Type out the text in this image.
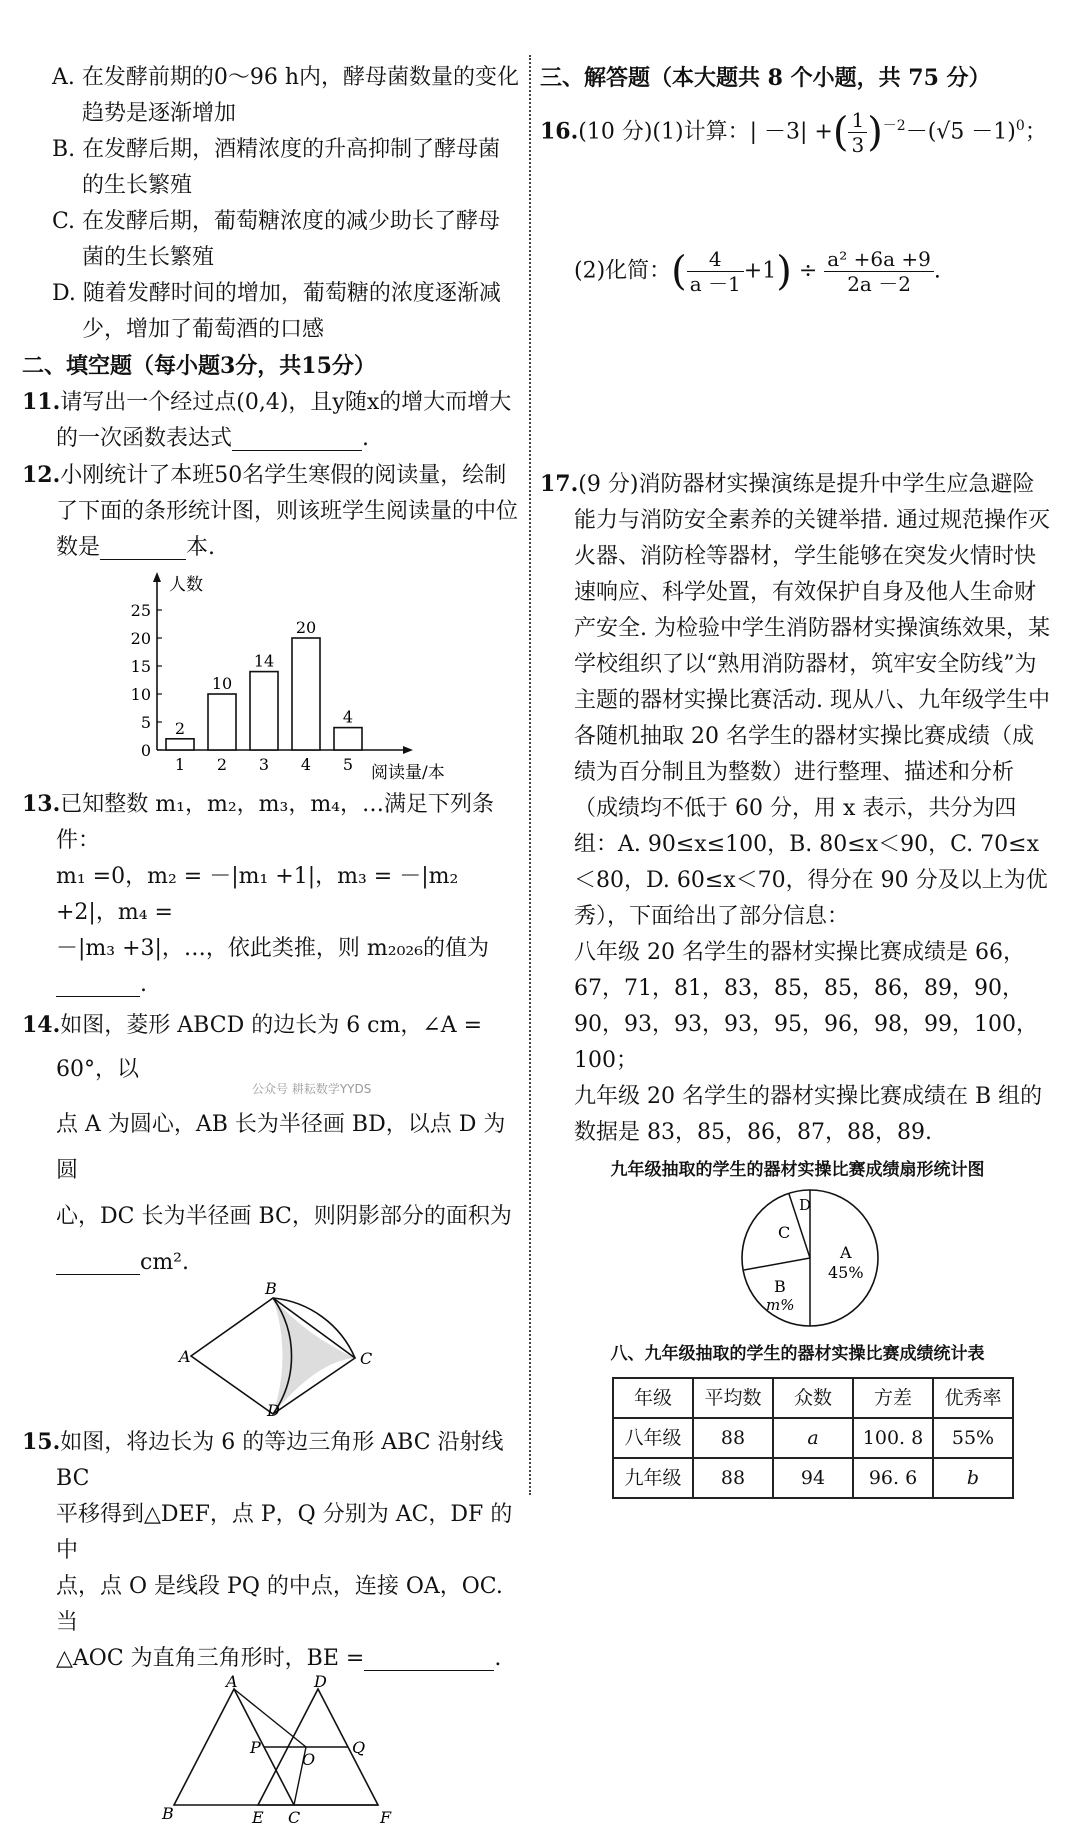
A. 在发酵前期的0～96 h内，酵母菌数量的变化趋势是逐渐增加

B. 在发酵后期，酒精浓度的升高抑制了酵母菌的生长繁殖

C. 在发酵后期，葡萄糖浓度的减少助长了酵母菌的生长繁殖

D. 随着发酵时间的增加，葡萄糖的浓度逐渐减少，增加了葡萄酒的口感

二、填空题（每小题3分，共15分）

11.请写出一个经过点(0,4)，且y随x的增大而增大的一次函数表达式	.

12.小刚统计了本班50名学生寒假的阅读量，绘制了下面的条形统计图，则该班学生阅读量的中位数是	本.

人数
阅读量/本
0
5
10
15
20
25
2
1
10
2
14
3
20
4
4
5

13.已知整数 m₁，m₂，m₃，m₄，…满足下列条件：
m₁ =0，m₂ = －|m₁ +1|，m₃ = －|m₂ +2|，m₄ =
－|m₃ +3|，…，依此类推，则 m₂₀₂₆的值为.

14.如图，菱形 ABCD 的边长为 6 cm，∠A = 60°，以

公众号 耕耘数学YYDS

点 A 为圆心，AB 长为半径画 BD，以点 D 为圆
心，DC 长为半径画 BC，则阴影部分的面积为
cm².

A
B
C
D

15.如图，将边长为 6 的等边三角形 ABC 沿射线 BC
平移得到△DEF，点 P，Q 分别为 AC，DF 的中
点，点 O 是线段 PQ 的中点，连接 OA，OC. 当
△AOC 为直角三角形时，BE =	.

A
B	C
D
E	F
P	Q
O

三、解答题（本大题共 8 个小题，共 75 分）

16.(10 分)(1)计算：| －3| +( $\frac{1}{3} )^{-2}-(√5 -1)^0$；

(2)化简：( $\frac{4}{a -1} +1) \div \frac{\text{a² +6a +9}}{2a -2}$ .

17.(9 分)消防器材实操演练是提升中学生应急避险能力与消防安全素养的关键举措. 通过规范操作灭火器、消防栓等器材，学生能够在突发火情时快速响应、科学处置，有效保护自身及他人生命财产安全. 为检验中学生消防器材实操演练效果，某学校组织了以“熟用消防器材，筑牢安全防线”为主题的器材实操比赛活动. 现从八、九年级学生中各随机抽取 20 名学生的器材实操比赛成绩（成绩为百分制且为整数）进行整理、描述和分析（成绩均不低于 60 分，用 x 表示，共分为四组：A. 90≤x≤100，B. 80≤x＜90，C. 70≤x＜80，D. 60≤x＜70，得分在 90 分及以上为优秀），下面给出了部分信息：

八年级 20 名学生的器材实操比赛成绩是 66，67，71，81，83，85，85，86，89，90，90，93，93，93，95，96，98，99，100，100；

九年级 20 名学生的器材实操比赛成绩在 B 组的数据是 83，85，86，87，88，89.

九年级抽取的学生的器材实操比赛成绩扇形统计图
A
45%
B
m%
C
D
八、九年级抽取的学生的器材实操比赛成绩统计表
年级	平均数	众数	方差	优秀率
八年级	88	a	100. 8	55%
九年级	88	94	96. 6	b
